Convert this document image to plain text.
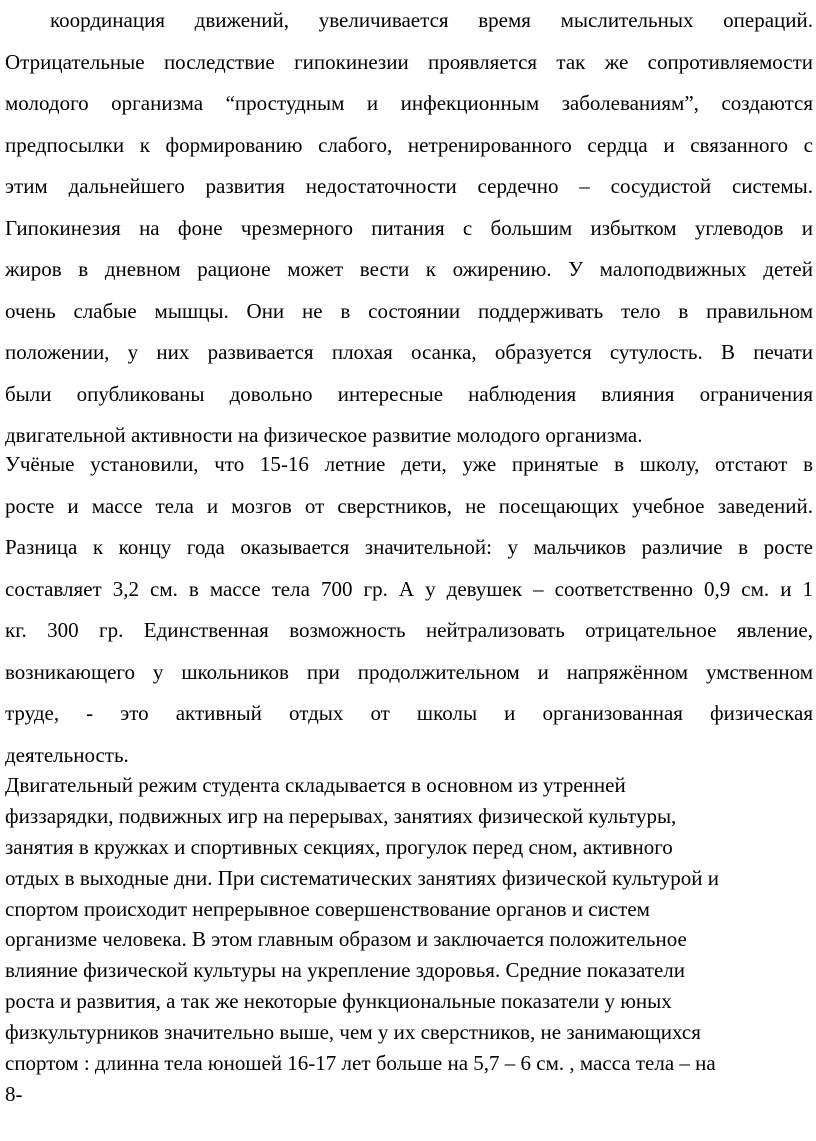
координация движений, увеличивается время мыслительных операций.
Отрицательные последствие гипокинезии проявляется так же сопротивляемости
молодого организма “простудным и инфекционным заболеваниям”, создаются
предпосылки к формированию слабого, нетренированного сердца и связанного с
этим дальнейшего развития недостаточности сердечно – сосудистой системы.
Гипокинезия на фоне чрезмерного питания с большим избытком углеводов и
жиров в дневном рационе может вести к ожирению. У малоподвижных детей
очень слабые мышцы. Они не в состоянии поддерживать тело в правильном
положении, у них развивается плохая осанка, образуется сутулость. В печати
были опубликованы довольно интересные наблюдения влияния ограничения
двигательной активности на физическое развитие молодого организма.
Учёные установили, что 15-16 летние дети, уже принятые в школу, отстают в
росте и массе тела и мозгов от сверстников, не посещающих учебное заведений.
Разница к концу года оказывается значительной: у мальчиков различие в росте
составляет 3,2 см. в массе тела 700 гр. А у девушек – соответственно 0,9 см. и 1
кг. 300 гр. Единственная возможность нейтрализовать отрицательное явление,
возникающего у школьников при продолжительном и напряжённом умственном
труде, - это активный отдых от школы и организованная физическая
деятельность.
Двигательный режим студента складывается в основном из утренней
физзарядки, подвижных игр на перерывах, занятиях физической культуры,
занятия в кружках и спортивных секциях, прогулок перед сном, активного
отдых в выходные дни. При систематических занятиях физической культурой и
спортом происходит непрерывное совершенствование органов и систем
организме человека. В этом главным образом и заключается положительное
влияние физической культуры на укрепление здоровья. Средние показатели
роста и развития, а так же некоторые функциональные показатели у юных
физкультурников значительно выше, чем у их сверстников, не занимающихся
спортом : длинна тела юношей 16-17 лет больше на 5,7 – 6 см. , масса тела – на
8-
